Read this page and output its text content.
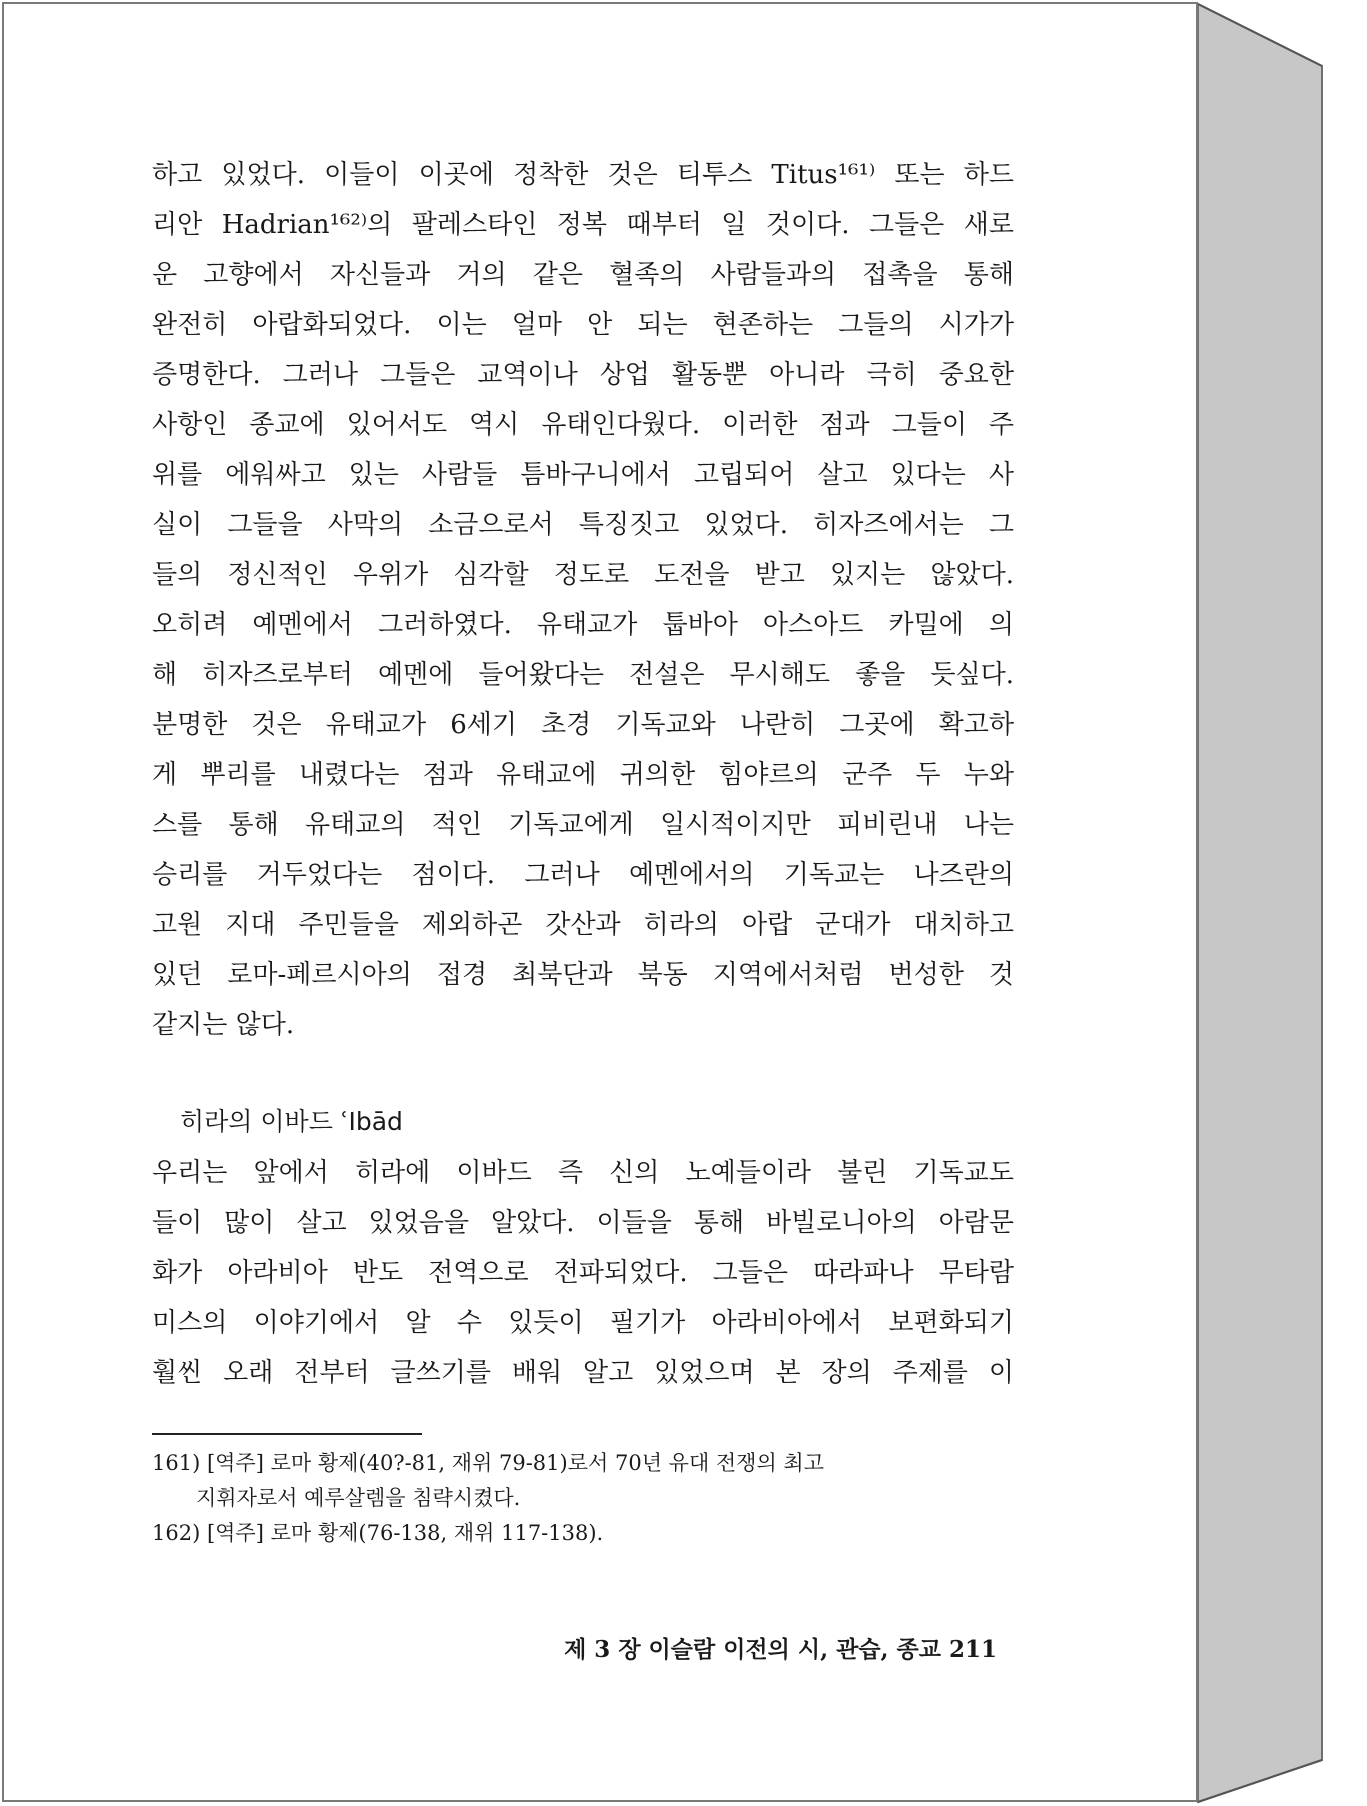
하고 있었다. 이들이 이곳에 정착한 것은 티투스 Titus¹⁶¹⁾ 또는 하드
리안 Hadrian¹⁶²⁾의 팔레스타인 정복 때부터 일 것이다. 그들은 새로
운 고향에서 자신들과 거의 같은 혈족의 사람들과의 접촉을 통해
완전히 아랍화되었다. 이는 얼마 안 되는 현존하는 그들의 시가가
증명한다. 그러나 그들은 교역이나 상업 활동뿐 아니라 극히 중요한
사항인 종교에 있어서도 역시 유태인다웠다. 이러한 점과 그들이 주
위를 에워싸고 있는 사람들 틈바구니에서 고립되어 살고 있다는 사
실이 그들을 사막의 소금으로서 특징짓고 있었다. 히자즈에서는 그
들의 정신적인 우위가 심각할 정도로 도전을 받고 있지는 않았다.
오히려 예멘에서 그러하였다. 유태교가 툽바아 아스아드 카밀에 의
해 히자즈로부터 예멘에 들어왔다는 전설은 무시해도 좋을 듯싶다.
분명한 것은 유태교가 6세기 초경 기독교와 나란히 그곳에 확고하
게 뿌리를 내렸다는 점과 유태교에 귀의한 힘야르의 군주 두 누와
스를 통해 유태교의 적인 기독교에게 일시적이지만 피비린내 나는
승리를 거두었다는 점이다. 그러나 예멘에서의 기독교는 나즈란의
고원 지대 주민들을 제외하곤 갓산과 히라의 아랍 군대가 대치하고
있던 로마-페르시아의 접경 최북단과 북동 지역에서처럼 번성한 것
같지는 않다.
히라의 이바드 ʿIbād
우리는 앞에서 히라에 이바드 즉 신의 노예들이라 불린 기독교도
들이 많이 살고 있었음을 알았다. 이들을 통해 바빌로니아의 아람문
화가 아라비아 반도 전역으로 전파되었다. 그들은 따라파나 무타람
미스의 이야기에서 알 수 있듯이 필기가 아라비아에서 보편화되기
훨씬 오래 전부터 글쓰기를 배워 알고 있었으며 본 장의 주제를 이
161) [역주] 로마 황제(40?-81, 재위 79-81)로서 70년 유대 전쟁의 최고
지휘자로서 예루살렘을 침략시켰다.
162) [역주] 로마 황제(76-138, 재위 117-138).
제 3 장 이슬람 이전의 시, 관습, 종교 211
